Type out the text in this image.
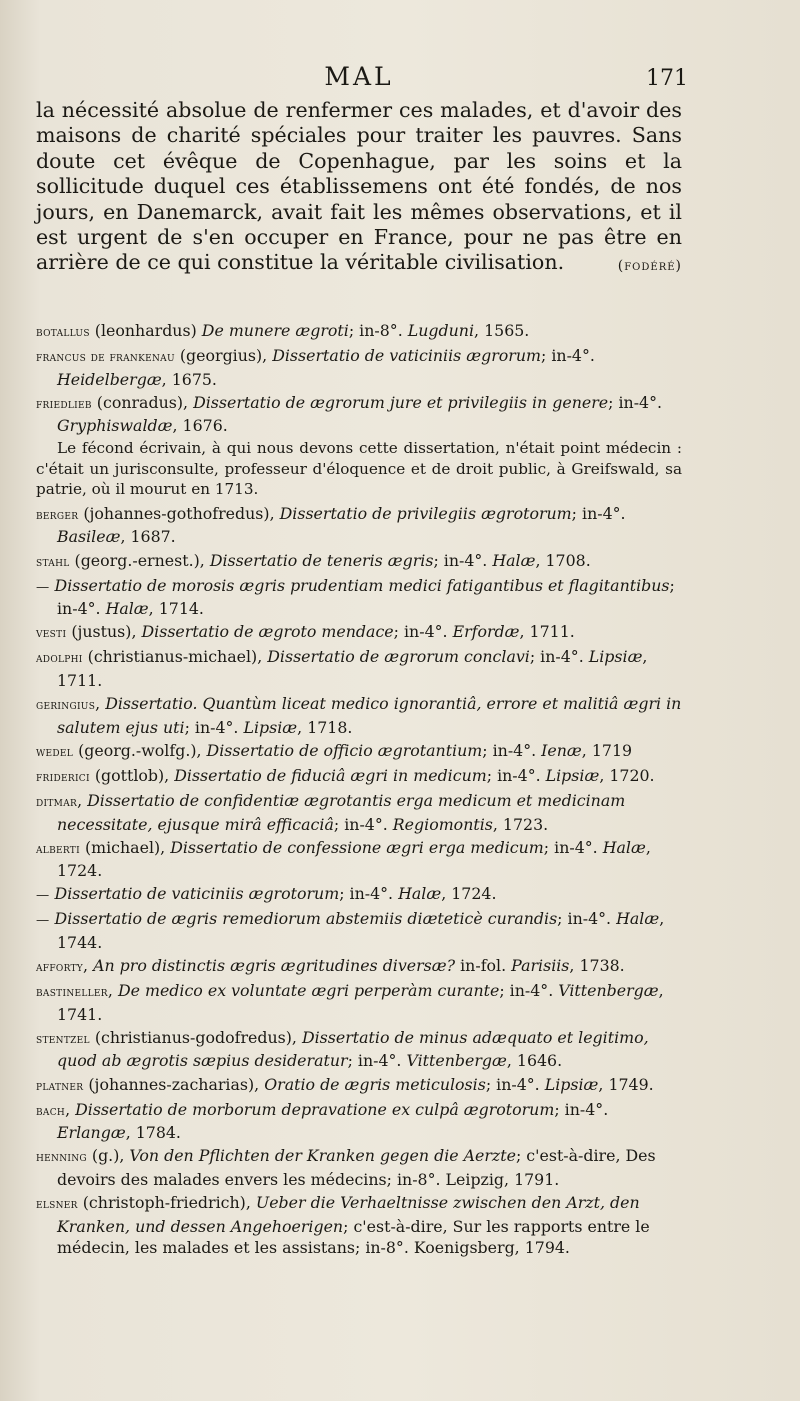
MAL	171

la nécessité absolue de renfermer ces malades, et d'avoir des maisons de charité spéciales pour traiter les pauvres. Sans doute cet évêque de Copenhague, par les soins et la sollicitude duquel ces établissemens ont été fondés, de nos jours, en Danemarck, avait fait les mêmes observations, et il est urgent de s'en occuper en France, pour ne pas être en arrière de ce qui constitue la véritable civilisation.	(fodéré)

botallus (leonhardus) De munere ægroti; in-8°. Lugduni, 1565.

francus de frankenau (georgius), Dissertatio de vaticiniis ægrorum; in-4°. Heidelbergæ, 1675.

friedlieb (conradus), Dissertatio de ægrorum jure et privilegiis in genere; in-4°. Gryphiswaldæ, 1676.

Le fécond écrivain, à qui nous devons cette dissertation, n'était point médecin : c'était un jurisconsulte, professeur d'éloquence et de droit public, à Greifswald, sa patrie, où il mourut en 1713.

berger (johannes-gothofredus), Dissertatio de privilegiis ægrotorum; in-4°. Basileæ, 1687.

stahl (georg.-ernest.), Dissertatio de teneris ægris; in-4°. Halæ, 1708.

— Dissertatio de morosis ægris prudentiam medici fatigantibus et flagitantibus; in-4°. Halæ, 1714.

vesti (justus), Dissertatio de ægroto mendace; in-4°. Erfordæ, 1711.

adolphi (christianus-michael), Dissertatio de ægrorum conclavi; in-4°. Lipsiæ, 1711.

geringius, Dissertatio. Quantùm liceat medico ignorantiâ, errore et malitiâ ægri in salutem ejus uti; in-4°. Lipsiæ, 1718.

wedel (georg.-wolfg.), Dissertatio de officio ægrotantium; in-4°. Ienæ, 1719

friderici (gottlob), Dissertatio de fiduciâ ægri in medicum; in-4°. Lipsiæ, 1720.

ditmar, Dissertatio de confidentiæ ægrotantis erga medicum et medicinam necessitate, ejusque mirâ efficaciâ; in-4°. Regiomontis, 1723.

alberti (michael), Dissertatio de confessione ægri erga medicum; in-4°. Halæ, 1724.

— Dissertatio de vaticiniis ægrotorum; in-4°. Halæ, 1724.

— Dissertatio de ægris remediorum abstemiis diæteticè curandis; in-4°. Halæ, 1744.

afforty, An pro distinctis ægris ægritudines diversæ? in-fol. Parisiis, 1738.

bastineller, De medico ex voluntate ægri perperàm curante; in-4°. Vittenbergæ, 1741.

stentzel (christianus-godofredus), Dissertatio de minus adæquato et legitimo, quod ab ægrotis sæpius desideratur; in-4°. Vittenbergæ, 1646.

platner (johannes-zacharias), Oratio de ægris meticulosis; in-4°. Lipsiæ, 1749.

bach, Dissertatio de morborum depravatione ex culpâ ægrotorum; in-4°. Erlangæ, 1784.

henning (g.), Von den Pflichten der Kranken gegen die Aerzte; c'est-à-dire, Des devoirs des malades envers les médecins; in-8°. Leipzig, 1791.

elsner (christoph-friedrich), Ueber die Verhaeltnisse zwischen den Arzt, den Kranken, und dessen Angehoerigen; c'est-à-dire, Sur les rapports entre le médecin, les malades et les assistans; in-8°. Koenigsberg, 1794.
